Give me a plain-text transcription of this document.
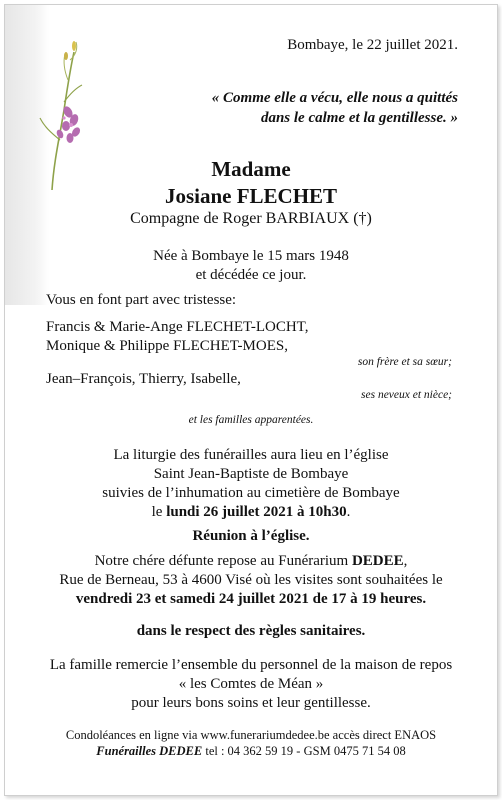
Bombaye, le 22 juillet 2021.
« Comme elle a vécu, elle nous a quittés
dans le calme et la gentillesse. »
Madame
Josiane FLECHET
Compagne de Roger BARBIAUX (†)
Née à Bombaye le 15 mars 1948
et décédée ce jour.
Vous en font part avec tristesse:
Francis & Marie-Ange FLECHET-LOCHT,
Monique & Philippe FLECHET-MOES,
son frère et sa sœur;
Jean–François, Thierry, Isabelle,
ses neveux et nièce;
et les familles apparentées.
La liturgie des funérailles aura lieu en l’église
Saint Jean-Baptiste de Bombaye
suivies de l’inhumation au cimetière de Bombaye
le lundi 26 juillet 2021 à 10h30.
Réunion à l’église.
Notre chére défunte repose au Funérarium DEDEE,
Rue de Berneau, 53 à 4600 Visé où les visites sont souhaitées le
vendredi 23 et samedi 24 juillet 2021 de 17 à 19 heures.
dans le respect des règles sanitaires.
La famille remercie l’ensemble du personnel de la maison de repos
« les Comtes de Méan »
pour leurs bons soins et leur gentillesse.
Condoléances en ligne via www.funerariumdedee.be accès direct ENAOS
Funérailles DEDEE tel : 04 362 59 19 - GSM 0475 71 54 08
